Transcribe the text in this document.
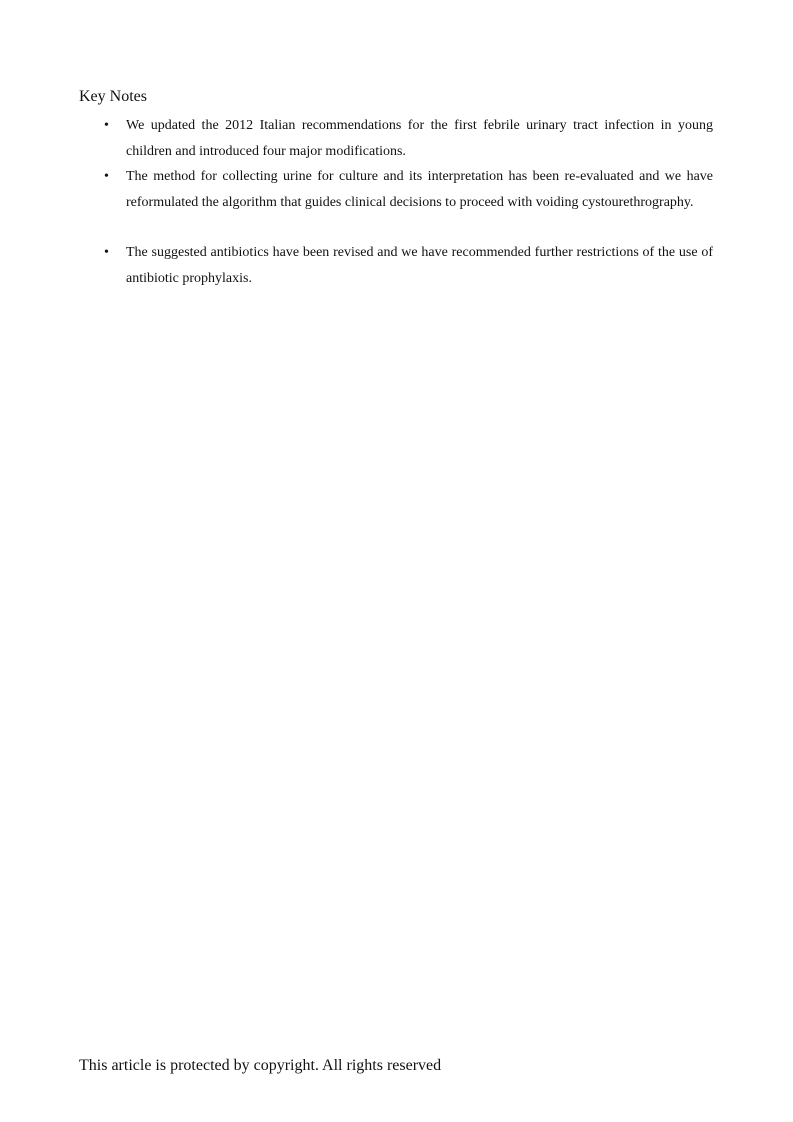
Key Notes
• We updated the 2012 Italian recommendations for the first febrile urinary tract infection in young children and introduced four major modifications.
• The method for collecting urine for culture and its interpretation has been re-evaluated and we have reformulated the algorithm that guides clinical decisions to proceed with voiding cystourethrography.
• The suggested antibiotics have been revised and we have recommended further restrictions of the use of antibiotic prophylaxis.
This article is protected by copyright. All rights reserved
